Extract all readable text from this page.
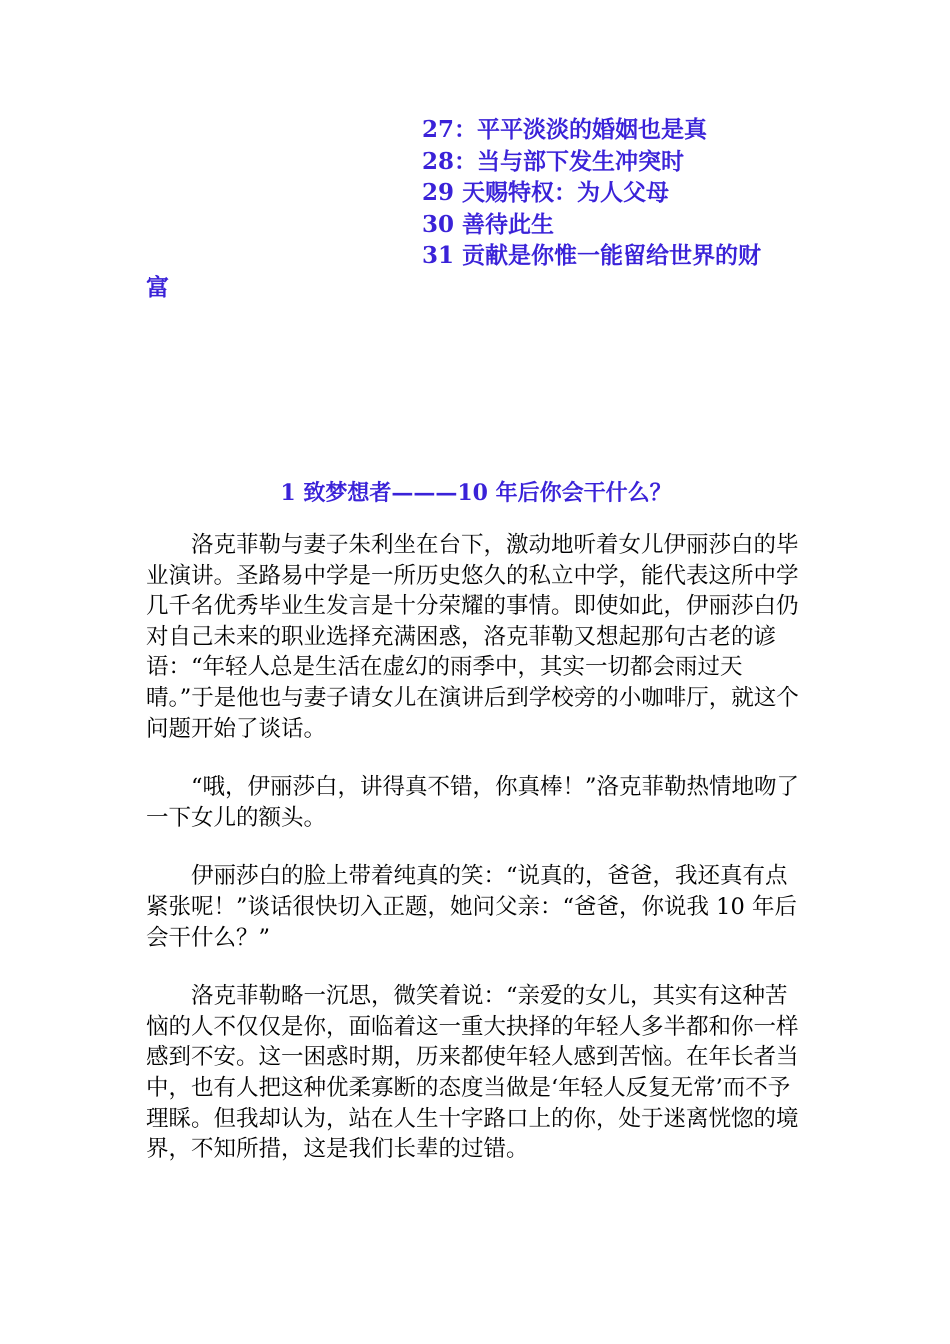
27：平平淡淡的婚姻也是真
28：当与部下发生冲突时
29 天赐特权：为人父母
30 善待此生
31 贡献是你惟一能留给世界的财
富
1 致梦想者———10 年后你会干什么？

洛克菲勒与妻子朱利坐在台下，激动地听着女儿伊丽莎白的毕业演讲。圣路易中学是一所历史悠久的私立中学，能代表这所中学几千名优秀毕业生发言是十分荣耀的事情。即使如此，伊丽莎白仍对自己未来的职业选择充满困惑，洛克菲勒又想起那句古老的谚语：“年轻人总是生活在虚幻的雨季中，其实一切都会雨过天晴。”于是他也与妻子请女儿在演讲后到学校旁的小咖啡厅，就这个问题开始了谈话。

“哦，伊丽莎白，讲得真不错，你真棒！”洛克菲勒热情地吻了一下女儿的额头。

伊丽莎白的脸上带着纯真的笑：“说真的，爸爸，我还真有点紧张呢！”谈话很快切入正题，她问父亲：“爸爸，你说我 10 年后会干什么？”

洛克菲勒略一沉思，微笑着说：“亲爱的女儿，其实有这种苦恼的人不仅仅是你，面临着这一重大抉择的年轻人多半都和你一样感到不安。这一困惑时期，历来都使年轻人感到苦恼。在年长者当中，也有人把这种优柔寡断的态度当做是‘年轻人反复无常’而不予理睬。但我却认为，站在人生十字路口上的你，处于迷离恍惚的境界，不知所措，这是我们长辈的过错。
